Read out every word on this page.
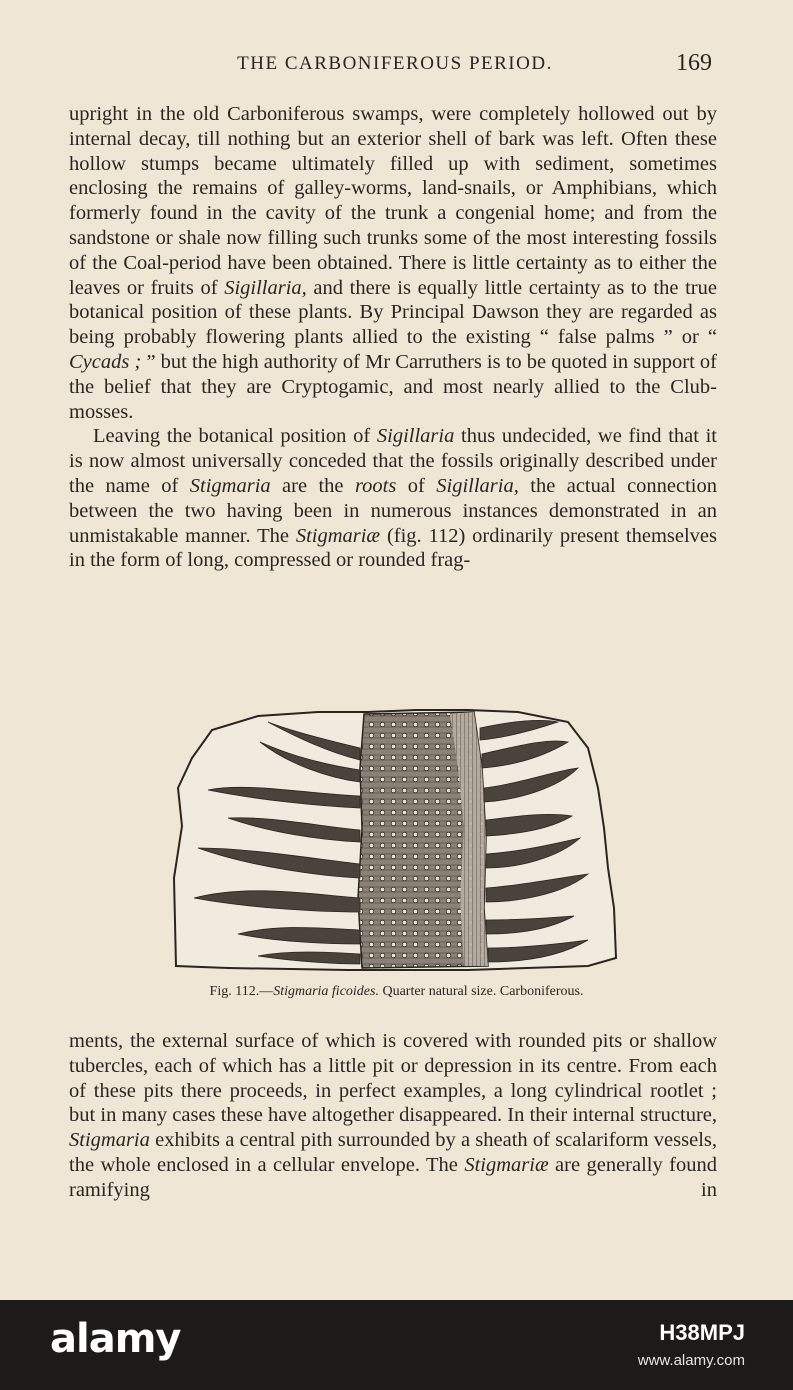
THE CARBONIFEROUS PERIOD.	169

upright in the old Carboniferous swamps, were completely hollowed out by internal decay, till nothing but an exterior shell of bark was left. Often these hollow stumps became ultimately filled up with sediment, sometimes enclosing the remains of galley-worms, land-snails, or Amphibians, which formerly found in the cavity of the trunk a congenial home; and from the sandstone or shale now filling such trunks some of the most interesting fossils of the Coal-period have been obtained. There is little certainty as to either the leaves or fruits of Sigillaria, and there is equally little certainty as to the true botanical position of these plants. By Principal Dawson they are regarded as being probably flowering plants allied to the existing “ false palms ” or “ Cycads ; ” but the high authority of Mr Carruthers is to be quoted in support of the belief that they are Cryptogamic, and most nearly allied to the Club-mosses.

Leaving the botanical position of Sigillaria thus undecided, we find that it is now almost universally conceded that the fossils originally described under the name of Stigmaria are the roots of Sigillaria, the actual connection between the two having been in numerous instances demonstrated in an unmistakable manner. The Stigmariæ (fig. 112) ordinarily present themselves in the form of long, compressed or rounded frag-

Fig. 112.—Stigmaria ficoides. Quarter natural size. Carboniferous.

ments, the external surface of which is covered with rounded pits or shallow tubercles, each of which has a little pit or depression in its centre. From each of these pits there proceeds, in perfect examples, a long cylindrical rootlet ; but in many cases these have altogether disappeared. In their internal structure, Stigmaria exhibits a central pith surrounded by a sheath of scalariform vessels, the whole enclosed in a cellular envelope. The Stigmariæ are generally found ramifying in

alamy	H38MPJ
www.alamy.com
